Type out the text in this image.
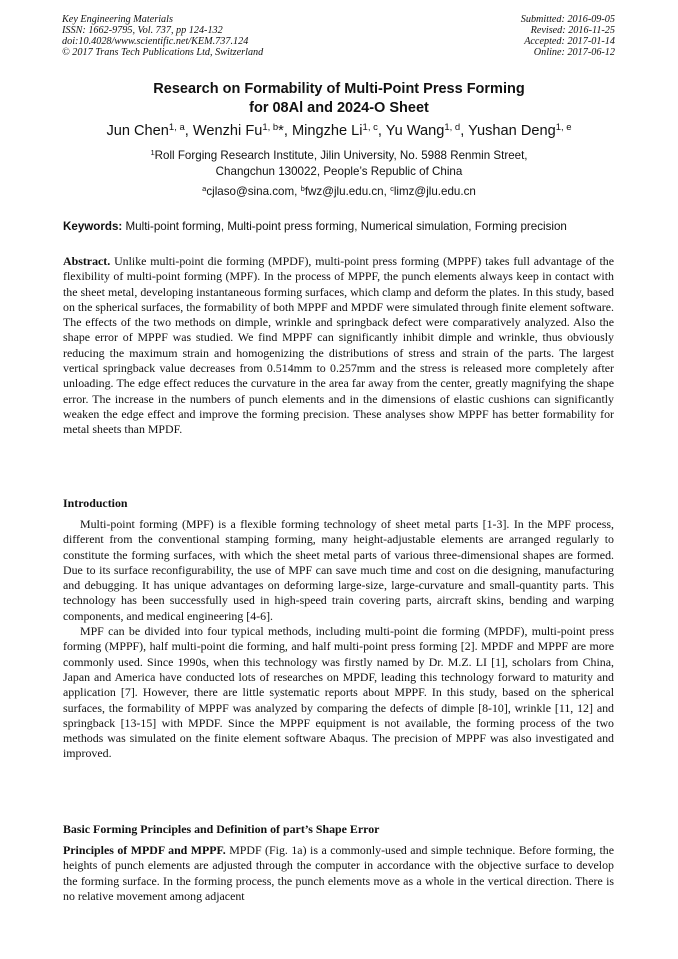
Key Engineering Materials
ISSN: 1662-9795, Vol. 737, pp 124-132
doi:10.4028/www.scientific.net/KEM.737.124
© 2017 Trans Tech Publications Ltd, Switzerland
Submitted: 2016-09-05
Revised: 2016-11-25
Accepted: 2017-01-14
Online: 2017-06-12
Research on Formability of Multi-Point Press Forming
for 08Al and 2024-O Sheet
Jun Chen$^{1, a}$, Wenzhi Fu$^{1, b}$*, Mingzhe Li$^{1, c}$, Yu Wang$^{1, d}$, Yushan Deng$^{1, e}$
$^1$Roll Forging Research Institute, Jilin University, No. 5988 Renmin Street,
Changchun 130022, People’s Republic of China
$^a$cjlaso@sina.com, $^b$fwz@jlu.edu.cn, $^c$limz@jlu.edu.cn
Keywords: Multi-point forming, Multi-point press forming, Numerical simulation, Forming precision

Abstract. Unlike multi-point die forming (MPDF), multi-point press forming (MPPF) takes full advantage of the flexibility of multi-point forming (MPF). In the process of MPPF, the punch elements always keep in contact with the sheet metal, developing instantaneous forming surfaces, which clamp and deform the plates. In this study, based on the spherical surfaces, the formability of both MPPF and MPDF were simulated through finite element software. The effects of the two methods on dimple, wrinkle and springback defect were comparatively analyzed. Also the shape error of MPPF was studied. We find MPPF can significantly inhibit dimple and wrinkle, thus obviously reducing the maximum strain and homogenizing the distributions of stress and strain of the parts. The largest vertical springback value decreases from 0.514mm to 0.257mm and the stress is released more completely after unloading. The edge effect reduces the curvature in the area far away from the center, greatly magnifying the shape error. The increase in the numbers of punch elements and in the dimensions of elastic cushions can significantly weaken the edge effect and improve the forming precision. These analyses show MPPF has better formability for metal sheets than MPDF.

Introduction

Multi-point forming (MPF) is a flexible forming technology of sheet metal parts [1-3]. In the MPF process, different from the conventional stamping forming, many height-adjustable elements are arranged regularly to constitute the forming surfaces, with which the sheet metal parts of various three-dimensional shapes are formed. Due to its surface reconfigurability, the use of MPF can save much time and cost on die designing, manufacturing and debugging. It has unique advantages on deforming large-size, large-curvature and small-quantity parts. This technology has been successfully used in high-speed train covering parts, aircraft skins, bending and warping components, and medical engineering [4-6].

MPF can be divided into four typical methods, including multi-point die forming (MPDF), multi-point press forming (MPPF), half multi-point die forming, and half multi-point press forming [2]. MPDF and MPPF are more commonly used. Since 1990s, when this technology was firstly named by Dr. M.Z. LI [1], scholars from China, Japan and America have conducted lots of researches on MPDF, leading this technology forward to maturity and application [7]. However, there are little systematic reports about MPPF. In this study, based on the spherical surfaces, the formability of MPPF was analyzed by comparing the defects of dimple [8-10], wrinkle [11, 12] and springback [13-15] with MPDF. Since the MPPF equipment is not available, the forming process of the two methods was simulated on the finite element software Abaqus. The precision of MPPF was also investigated and improved.

Basic Forming Principles and Definition of part’s Shape Error

Principles of MPDF and MPPF. MPDF (Fig. 1a) is a commonly-used and simple technique. Before forming, the heights of punch elements are adjusted through the computer in accordance with the objective surface to develop the forming surface. In the forming process, the punch elements move as a whole in the vertical direction. There is no relative movement among adjacent
